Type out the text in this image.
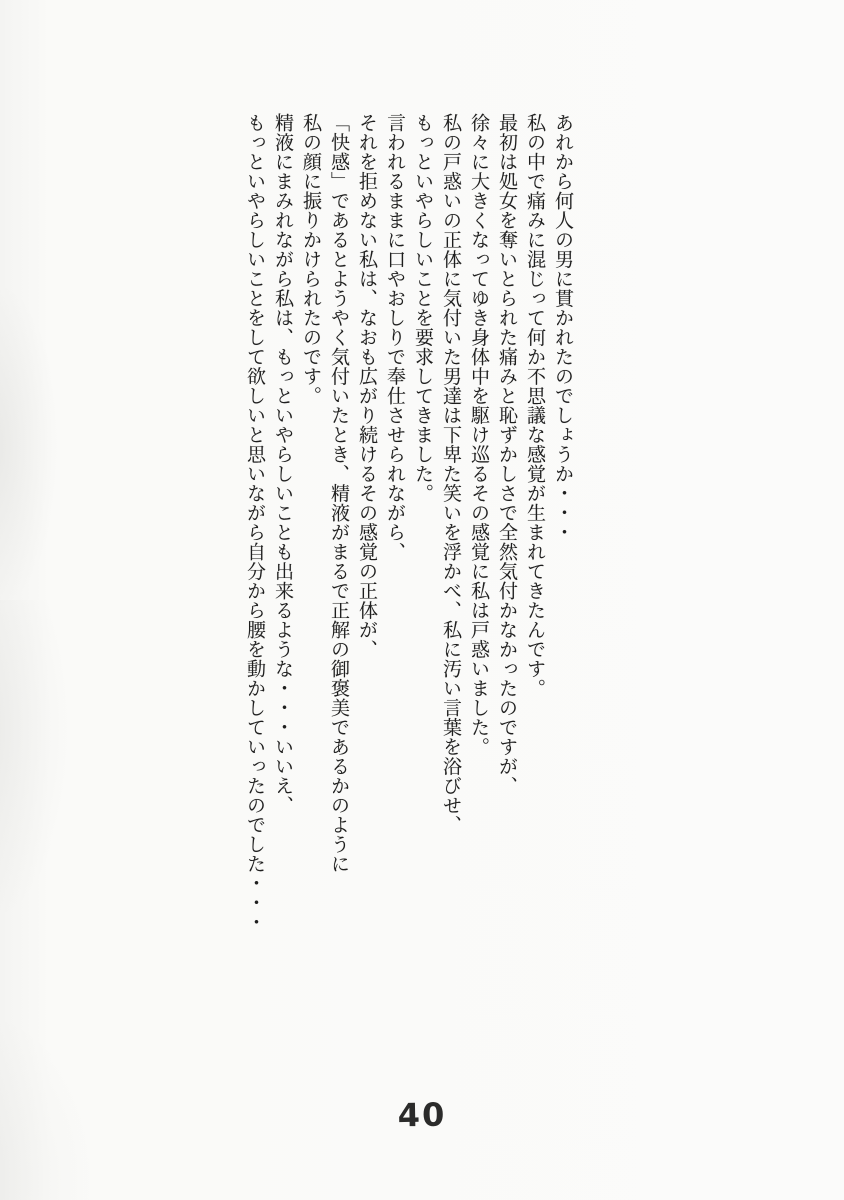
あれから何人の男に貫かれたのでしょうか・・・

私の中で痛みに混じって何か不思議な感覚が生まれてきたんです。

最初は処女を奪いとられた痛みと恥ずかしさで全然気付かなかったのですが、

徐々に大きくなってゆき身体中を駆け巡るその感覚に私は戸惑いました。

私の戸惑いの正体に気付いた男達は下卑た笑いを浮かべ、私に汚い言葉を浴びせ、

もっといやらしいことを要求してきました。

言われるままに口やおしりで奉仕させられながら、

それを拒めない私は、なおも広がり続けるその感覚の正体が、

「快感」であるとようやく気付いたとき、精液がまるで正解の御褒美であるかのように

私の顔に振りかけられたのです。

精液にまみれながら私は、もっといやらしいことも出来るような・・・いいえ、

もっといやらしいことをして欲しいと思いながら自分から腰を動かしていったのでした・・・

40
